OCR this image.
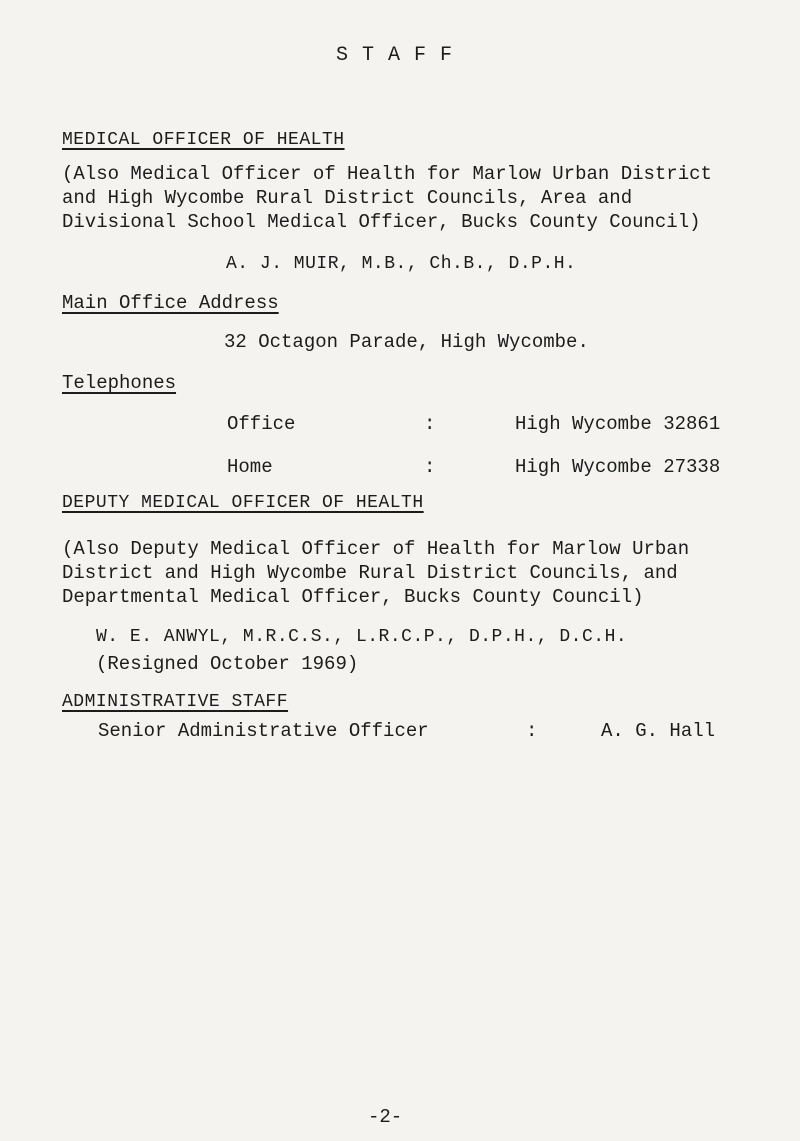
STAFF
MEDICAL OFFICER OF HEALTH
(Also Medical Officer of Health for Marlow Urban District
and High Wycombe Rural District Councils, Area and
Divisional School Medical Officer, Bucks County Council)
A. J. MUIR, M.B., Ch.B., D.P.H.
Main Office Address
32 Octagon Parade, High Wycombe.
Telephones
Office	:	High Wycombe 32861
Home	:	High Wycombe 27338
DEPUTY MEDICAL OFFICER OF HEALTH
(Also Deputy Medical Officer of Health for Marlow Urban
District and High Wycombe Rural District Councils, and
Departmental Medical Officer, Bucks County Council)
W. E. ANWYL, M.R.C.S., L.R.C.P., D.P.H., D.C.H.
(Resigned October 1969)
ADMINISTRATIVE STAFF
Senior Administrative Officer	:	A. G. Hall
-2-
